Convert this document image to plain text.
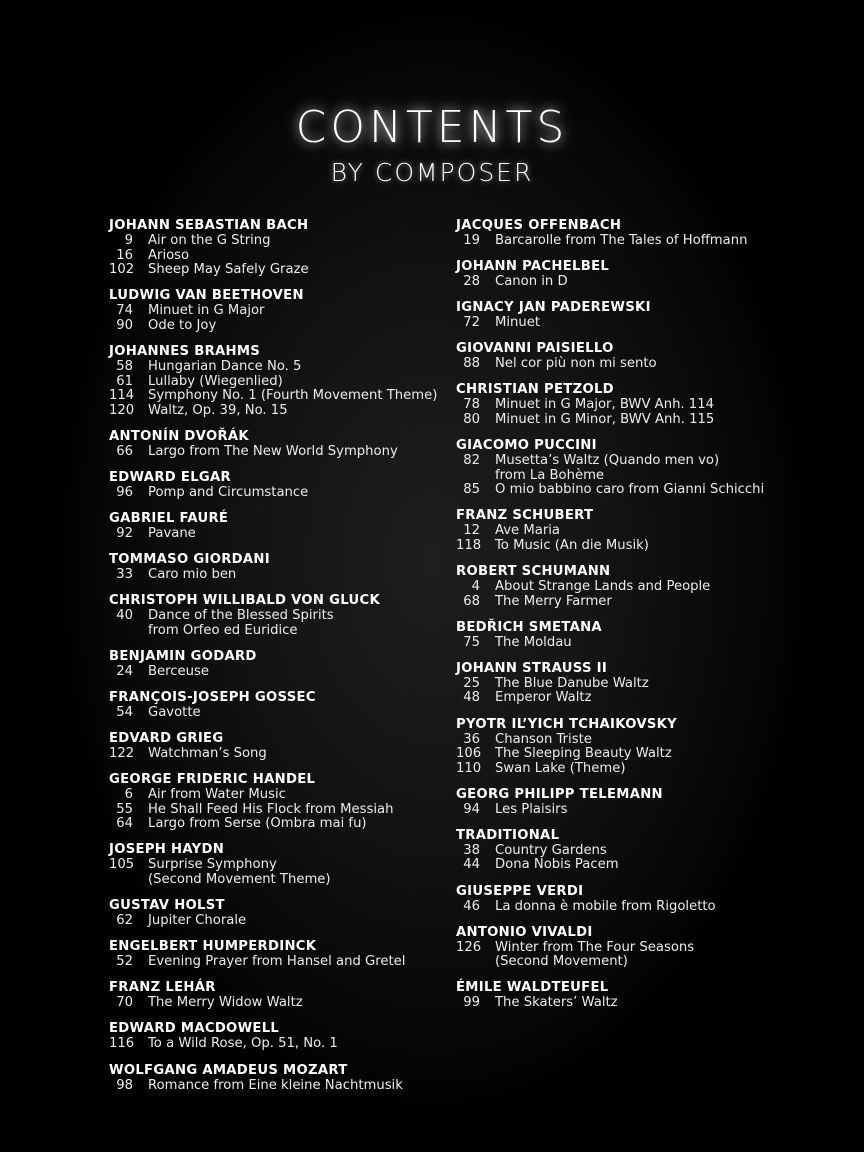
CONTENTS
BY COMPOSER
JOHANN SEBASTIAN BACH
9 Air on the G String
16 Arioso
102 Sheep May Safely Graze
LUDWIG VAN BEETHOVEN
74 Minuet in G Major
90 Ode to Joy
JOHANNES BRAHMS
58 Hungarian Dance No. 5
61 Lullaby (Wiegenlied)
114 Symphony No. 1 (Fourth Movement Theme)
120 Waltz, Op. 39, No. 15
ANTONÍN DVOŘÁK
66 Largo from The New World Symphony
EDWARD ELGAR
96 Pomp and Circumstance
GABRIEL FAURÉ
92 Pavane
TOMMASO GIORDANI
33 Caro mio ben
CHRISTOPH WILLIBALD VON GLUCK
40 Dance of the Blessed Spirits
from Orfeo ed Euridice
BENJAMIN GODARD
24 Berceuse
FRANÇOIS-JOSEPH GOSSEC
54 Gavotte
EDVARD GRIEG
122 Watchman’s Song
GEORGE FRIDERIC HANDEL
6 Air from Water Music
55 He Shall Feed His Flock from Messiah
64 Largo from Serse (Ombra mai fu)
JOSEPH HAYDN
105 Surprise Symphony
(Second Movement Theme)
GUSTAV HOLST
62 Jupiter Chorale
ENGELBERT HUMPERDINCK
52 Evening Prayer from Hansel and Gretel
FRANZ LEHÁR
70 The Merry Widow Waltz
EDWARD MACDOWELL
116 To a Wild Rose, Op. 51, No. 1
WOLFGANG AMADEUS MOZART
98 Romance from Eine kleine Nachtmusik
JACQUES OFFENBACH
19 Barcarolle from The Tales of Hoffmann
JOHANN PACHELBEL
28 Canon in D
IGNACY JAN PADEREWSKI
72 Minuet
GIOVANNI PAISIELLO
88 Nel cor più non mi sento
CHRISTIAN PETZOLD
78 Minuet in G Major, BWV Anh. 114
80 Minuet in G Minor, BWV Anh. 115
GIACOMO PUCCINI
82 Musetta’s Waltz (Quando men vo)
from La Bohème
85 O mio babbino caro from Gianni Schicchi
FRANZ SCHUBERT
12 Ave Maria
118 To Music (An die Musik)
ROBERT SCHUMANN
4 About Strange Lands and People
68 The Merry Farmer
BEDŘICH SMETANA
75 The Moldau
JOHANN STRAUSS II
25 The Blue Danube Waltz
48 Emperor Waltz
PYOTR IL’YICH TCHAIKOVSKY
36 Chanson Triste
106 The Sleeping Beauty Waltz
110 Swan Lake (Theme)
GEORG PHILIPP TELEMANN
94 Les Plaisirs
TRADITIONAL
38 Country Gardens
44 Dona Nobis Pacem
GIUSEPPE VERDI
46 La donna è mobile from Rigoletto
ANTONIO VIVALDI
126 Winter from The Four Seasons
(Second Movement)
ÉMILE WALDTEUFEL
99 The Skaters’ Waltz
